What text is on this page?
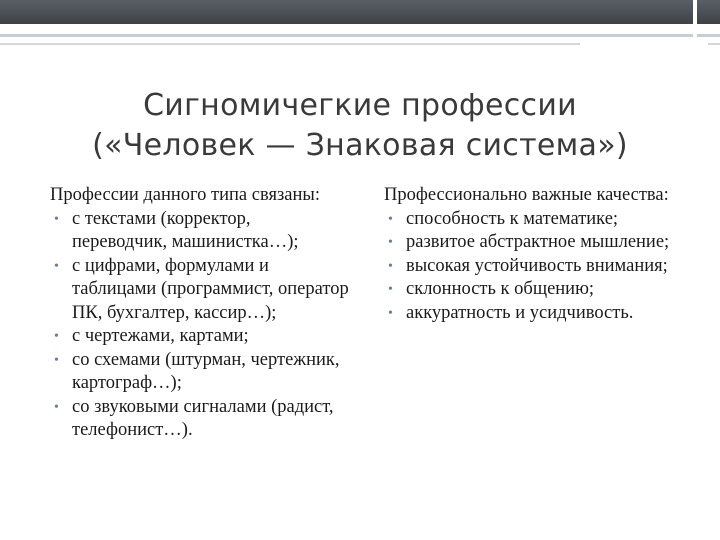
Сигномичегкие профессии
(«Человек — Знаковая система»)
Профессии данного типа связаны:
• с текстами (корректор, переводчик, машинистка…);
• с цифрами, формулами и таблицами (программист, оператор ПК, бухгалтер, кассир…);
• с чертежами, картами;
• со схемами (штурман, чертежник, картограф…);
• со звуковыми сигналами (радист, телефонист…).
Профессионально важные качества:
• способность к математике;
• развитое абстрактное мышление;
• высокая устойчивость внимания;
• склонность к общению;
• аккуратность и усидчивость.
